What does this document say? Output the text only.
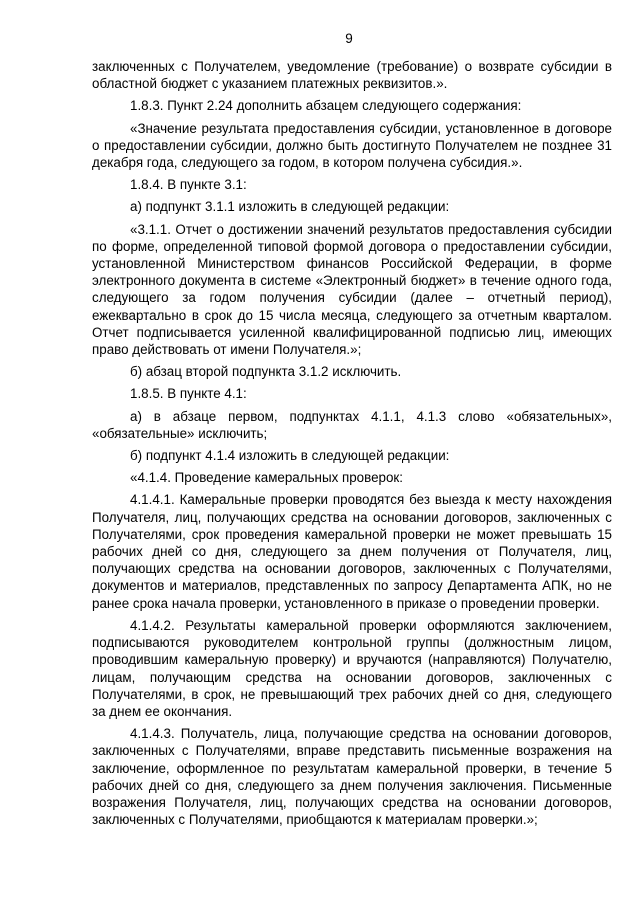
9

заключенных с Получателем, уведомление (требование) о возврате субсидии в областной бюджет с указанием платежных реквизитов.».

1.8.3. Пункт 2.24 дополнить абзацем следующего содержания:

«Значение результата предоставления субсидии, установленное в договоре о предоставлении субсидии, должно быть достигнуто Получателем не позднее 31 декабря года, следующего за годом, в котором получена субсидия.».

1.8.4. В пункте 3.1:

а) подпункт 3.1.1 изложить в следующей редакции:

«3.1.1. Отчет о достижении значений результатов предоставления субсидии по форме, определенной типовой формой договора о предоставлении субсидии, установленной Министерством финансов Российской Федерации, в форме электронного документа в системе «Электронный бюджет» в течение одного года, следующего за годом получения субсидии (далее – отчетный период), ежеквартально в срок до 15 числа месяца, следующего за отчетным кварталом. Отчет подписывается усиленной квалифицированной подписью лиц, имеющих право действовать от имени Получателя.»;

б) абзац второй подпункта 3.1.2 исключить.

1.8.5. В пункте 4.1:

а) в абзаце первом, подпунктах 4.1.1, 4.1.3 слово «обязательных», «обязательные» исключить;

б) подпункт 4.1.4 изложить в следующей редакции:

«4.1.4. Проведение камеральных проверок:

4.1.4.1. Камеральные проверки проводятся без выезда к месту нахождения Получателя, лиц, получающих средства на основании договоров, заключенных с Получателями, срок проведения камеральной проверки не может превышать 15 рабочих дней со дня, следующего за днем получения от Получателя, лиц, получающих средства на основании договоров, заключенных с Получателями, документов и материалов, представленных по запросу Департамента АПК, но не ранее срока начала проверки, установленного в приказе о проведении проверки.

4.1.4.2. Результаты камеральной проверки оформляются заключением, подписываются руководителем контрольной группы (должностным лицом, проводившим камеральную проверку) и вручаются (направляются) Получателю, лицам, получающим средства на основании договоров, заключенных с Получателями, в срок, не превышающий трех рабочих дней со дня, следующего за днем ее окончания.

4.1.4.3. Получатель, лица, получающие средства на основании договоров, заключенных с Получателями, вправе представить письменные возражения на заключение, оформленное по результатам камеральной проверки, в течение 5 рабочих дней со дня, следующего за днем получения заключения. Письменные возражения Получателя, лиц, получающих средства на основании договоров, заключенных с Получателями, приобщаются к материалам проверки.»;
